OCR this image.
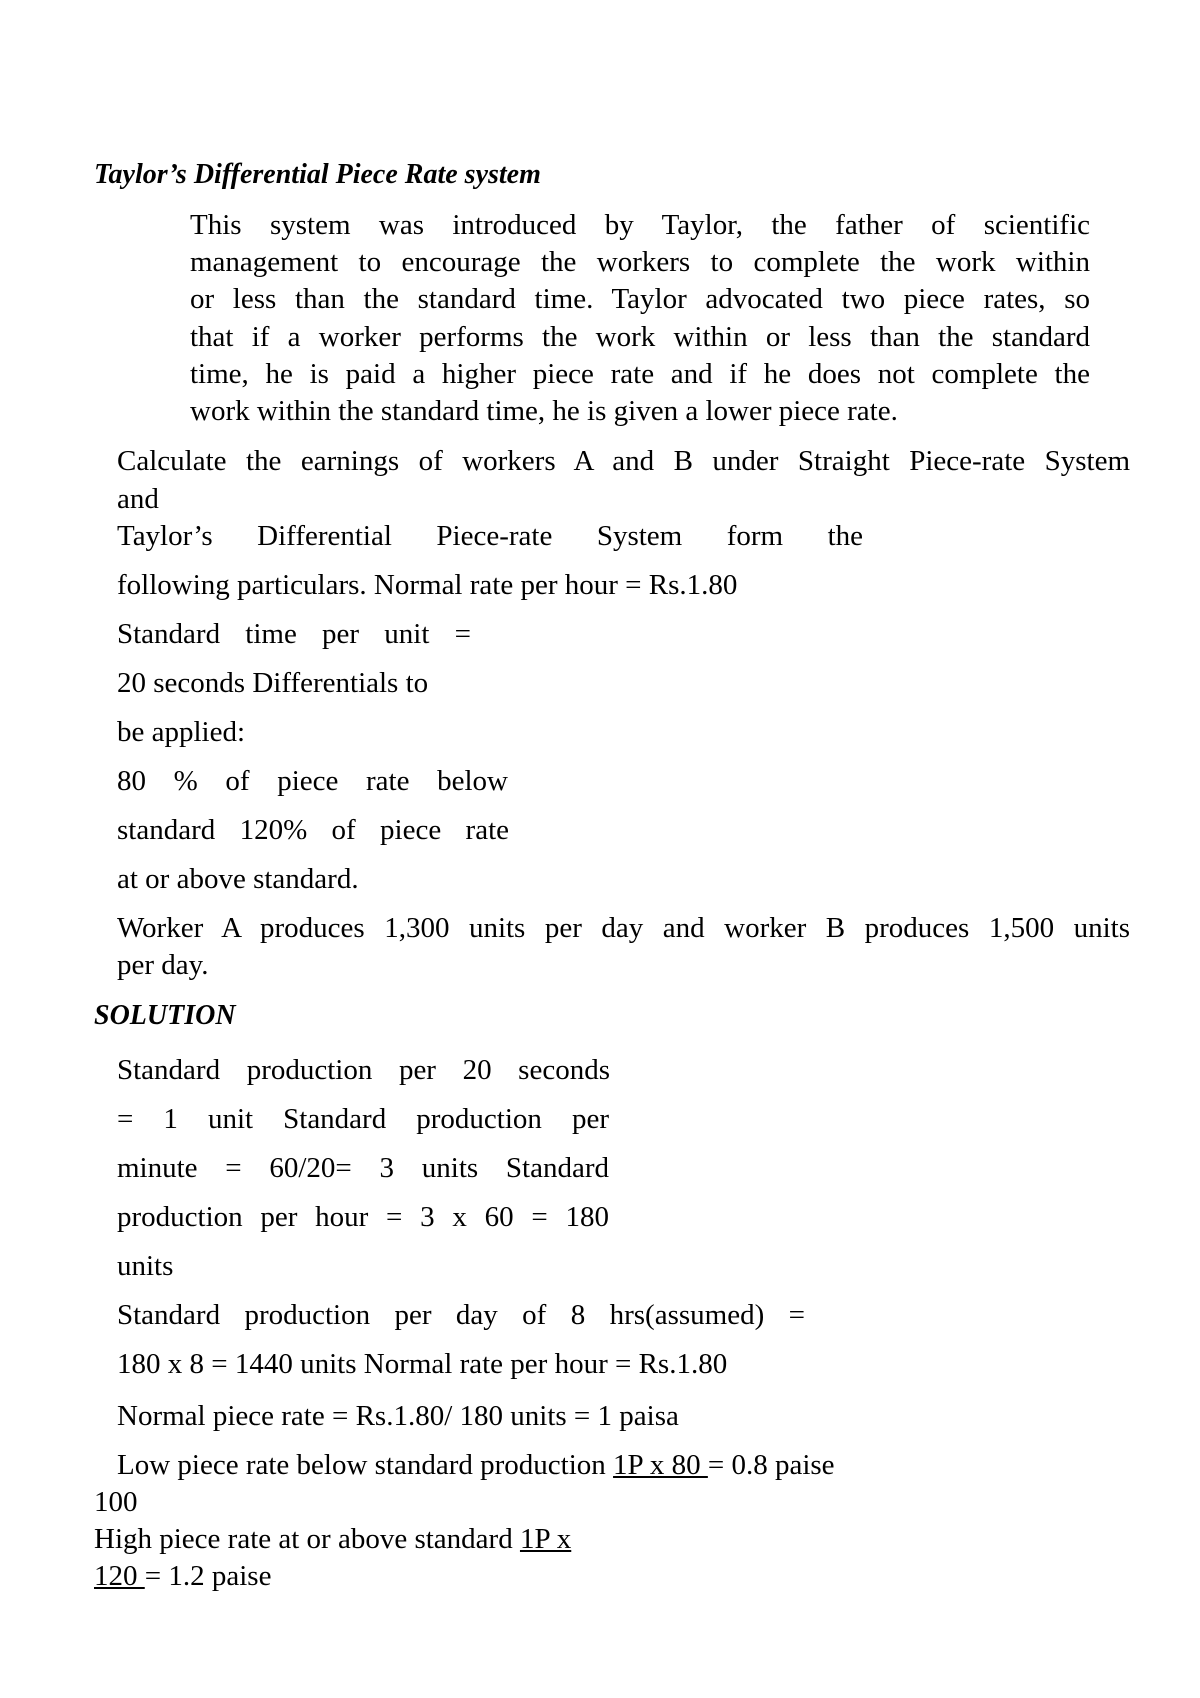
Taylor’s Differential Piece Rate system
This system was introduced by Taylor, the father of scientific
management to encourage the workers to complete the work within
or less than the standard time. Taylor advocated two piece rates, so
that if a worker performs the work within or less than the standard
time, he is paid a higher piece rate and if he does not complete the
work within the standard time, he is given a lower piece rate.
Calculate the earnings of workers A and B under Straight Piece-rate System
and
Taylor’s Differential Piece-rate System form the
following particulars. Normal rate per hour = Rs.1.80
Standard time per unit =
20 seconds Differentials to
be applied:
80 % of piece rate below
standard 120% of piece rate
at or above standard.
Worker A produces 1,300 units per day and worker B produces 1,500 units
per day.
SOLUTION
Standard production per 20 seconds
= 1 unit Standard production per
minute = 60/20= 3 units Standard
production per hour = 3 x 60 = 180
units
Standard production per day of 8 hrs(assumed) =
180 x 8 = 1440 units Normal rate per hour = Rs.1.80
Normal piece rate = Rs.1.80/ 180 units = 1 paisa
Low piece rate below standard production 1P x 80 = 0.8 paise
100
High piece rate at or above standard 1P x
120 = 1.2 paise
